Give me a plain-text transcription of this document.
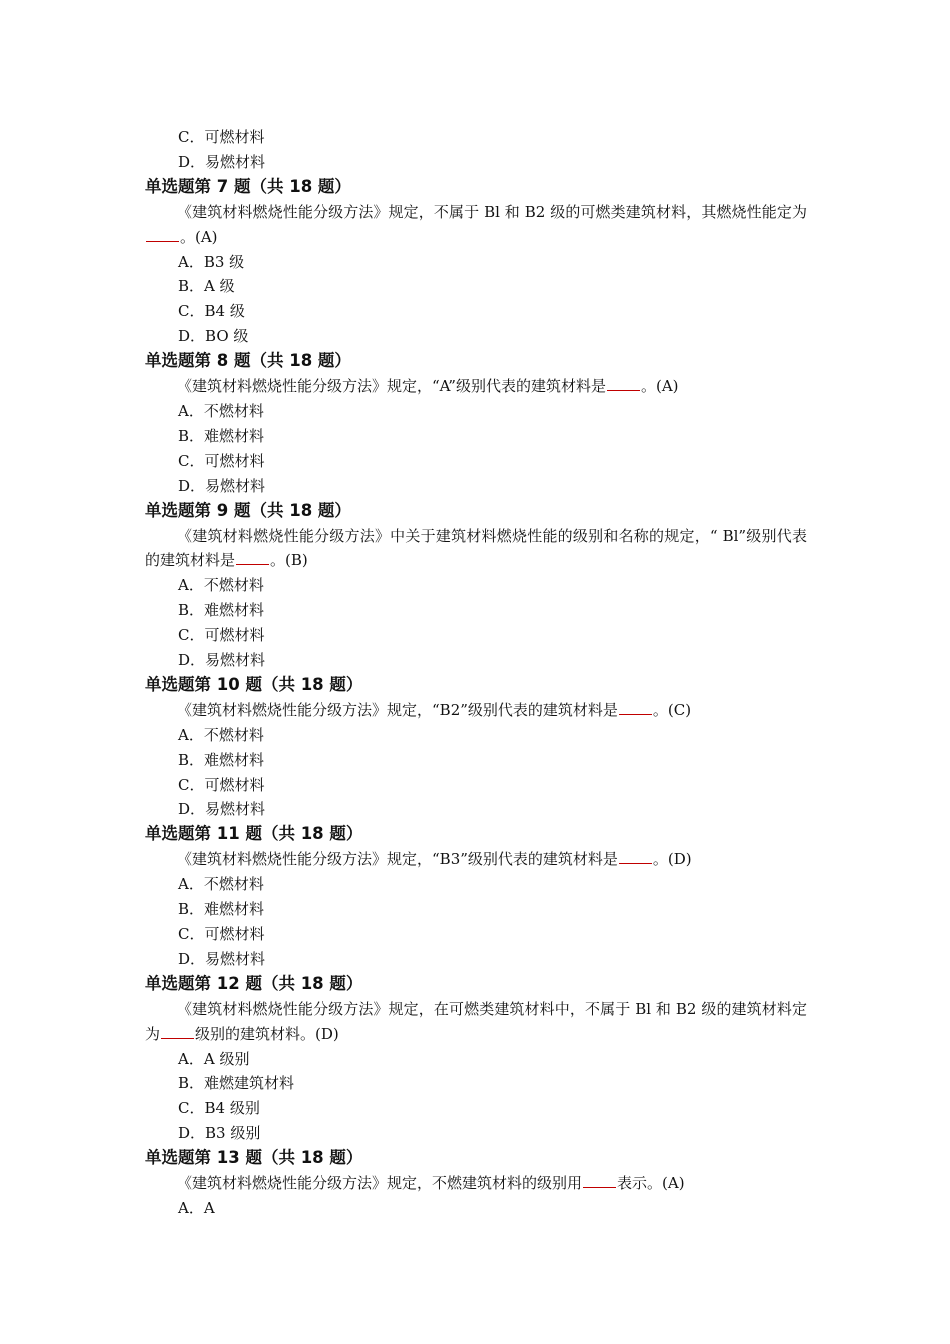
C．可燃材料
D．易燃材料
单选题第 7 题（共 18 题）
《建筑材料燃烧性能分级方法》规定，不属于 Bl 和 B2 级的可燃类建筑材料，其燃烧性能定为。(A)
A．B3 级
B．A 级
C．B4 级
D．BO 级
单选题第 8 题（共 18 题）
《建筑材料燃烧性能分级方法》规定，“A”级别代表的建筑材料是 。(A)
A．不燃材料
B．难燃材料
C．可燃材料
D．易燃材料
单选题第 9 题（共 18 题）
《建筑材料燃烧性能分级方法》中关于建筑材料燃烧性能的级别和名称的规定，“ Bl”级别代表的建筑材料是 。(B)
A．不燃材料
B．难燃材料
C．可燃材料
D．易燃材料
单选题第 10 题（共 18 题）
《建筑材料燃烧性能分级方法》规定，“B2”级别代表的建筑材料是 。(C)
A．不燃材料
B．难燃材料
C．可燃材料
D．易燃材料
单选题第 11 题（共 18 题）
《建筑材料燃烧性能分级方法》规定，“B3”级别代表的建筑材料是 。(D)
A．不燃材料
B．难燃材料
C．可燃材料
D．易燃材料
单选题第 12 题（共 18 题）
《建筑材料燃烧性能分级方法》规定，在可燃类建筑材料中，不属于 Bl 和 B2 级的建筑材料定为 级别的建筑材料。(D)
A．A 级别
B．难燃建筑材料
C．B4 级别
D．B3 级别
单选题第 13 题（共 18 题）
《建筑材料燃烧性能分级方法》规定，不燃建筑材料的级别用 表示。(A)
A．A
